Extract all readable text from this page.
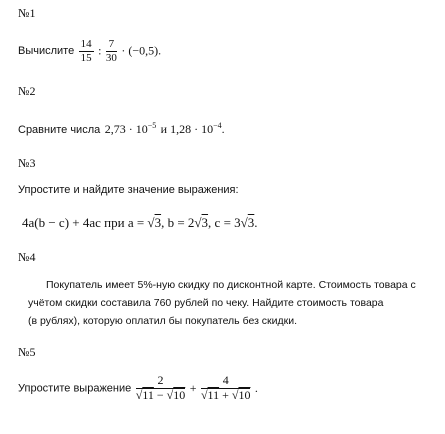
№1
Вычислите $\frac{14}{15}$ : $\frac{7}{30} \cdot (-0,5)$.
№2
Сравните числа $2,73 \cdot 10^{-5}$ и $1,28 \cdot 10^{-4}$.
№3
Упростите и найдите значение выражения:
4a(b − c) + 4ac при a = √ 3, b = 2 √ 3, c = 3 √ 3.
№4
Покупатель имеет 5%-ную скидку по дисконтной карте. Стоимость товара с
учётом скидки составила 760 рублей по чеку. Найдите стоимость товара
(в рублях), которую оплатил бы покупатель без скидки.
№5
Упростите выражение 2
√ 11 − √ 10 + 4
√ 11 + √ 10 .
